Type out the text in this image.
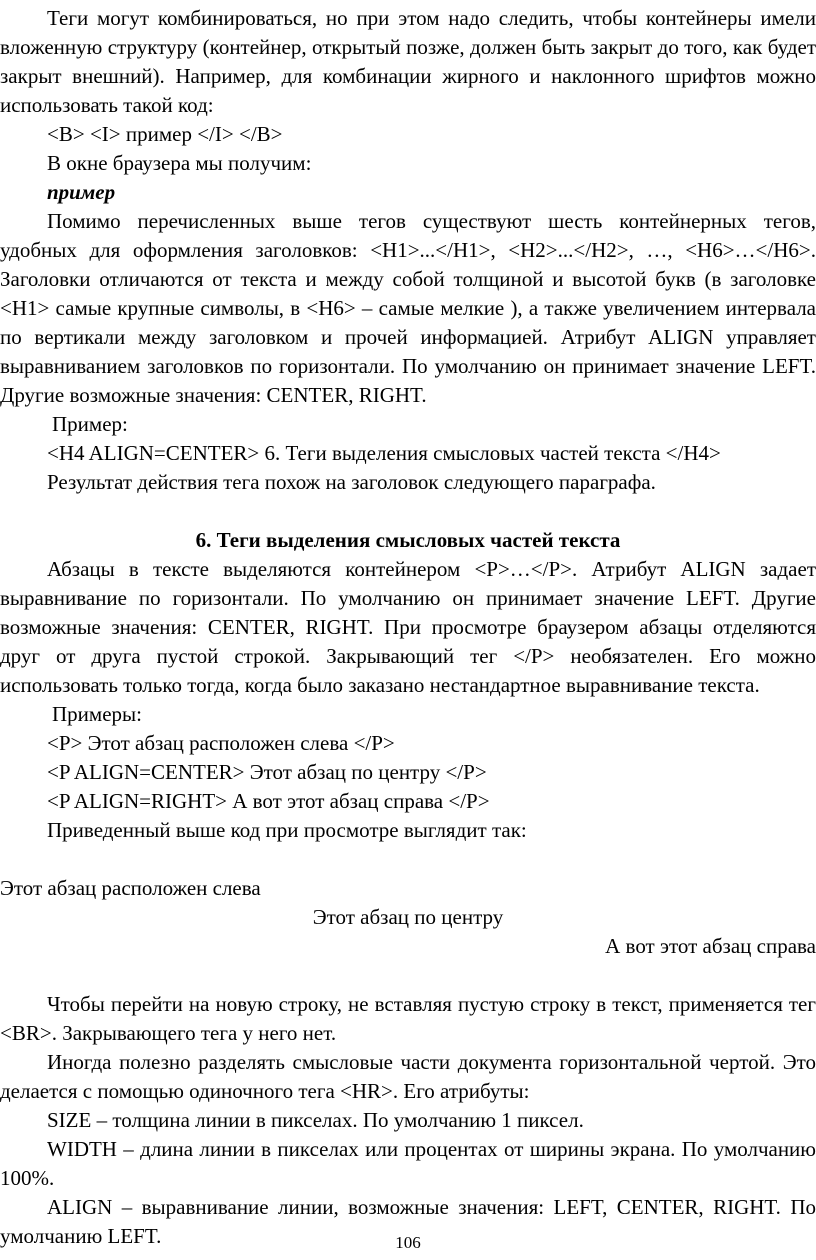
Теги могут комбинироваться, но при этом надо следить, чтобы контейнеры имели вложенную структуру (контейнер, открытый позже, должен быть закрыт до того, как будет закрыт внешний). Например, для комбинации жирного и наклонного шрифтов можно использовать такой код:

<B> <I> пример </I> </B>

В окне браузера мы получим:

пример

Помимо перечисленных выше тегов существуют шесть контейнерных тегов, удобных для оформления заголовков: <H1>...</H1>, <H2>...</H2>, …, <H6>…</H6>. Заголовки отличаются от текста и между собой толщиной и высотой букв (в заголовке <H1> самые крупные символы, в <H6> – самые мелкие ), а также увеличением интервала по вертикали между заголовком и прочей информацией. Атрибут ALIGN управляет выравниванием заголовков по горизонтали. По умолчанию он принимает значение LEFT. Другие возможные значения: CENTER, RIGHT.

Пример:

<H4 ALIGN=CENTER> 6. Теги выделения смысловых частей текста </H4>

Результат действия тега похож на заголовок следующего параграфа.

6. Теги выделения смысловых частей текста

Абзацы в тексте выделяются контейнером <P>…</P>. Атрибут ALIGN задает выравнивание по горизонтали. По умолчанию он принимает значение LEFT. Другие возможные значения: CENTER, RIGHT. При просмотре браузером абзацы отделяются друг от друга пустой строкой. Закрывающий тег </P> необязателен. Его можно использовать только тогда, когда было заказано нестандартное выравнивание текста.

Примеры:

<P> Этот абзац расположен слева </P>

<P ALIGN=CENTER> Этот абзац по центру </P>

<P ALIGN=RIGHT> А вот этот абзац справа </P>

Приведенный выше код при просмотре выглядит так:

Этот абзац расположен слева

Этот абзац по центру

А вот этот абзац справа

Чтобы перейти на новую строку, не вставляя пустую строку в текст, применяется тег <BR>. Закрывающего тега у него нет.

Иногда полезно разделять смысловые части документа горизонтальной чертой. Это делается с помощью одиночного тега <HR>. Его атрибуты:

SIZE – толщина линии в пикселах. По умолчанию 1 пиксел.

WIDTH – длина линии в пикселах или процентах от ширины экрана. По умолчанию 100%.

ALIGN – выравнивание линии, возможные значения: LEFT, CENTER, RIGHT. По умолчанию LEFT.	106
